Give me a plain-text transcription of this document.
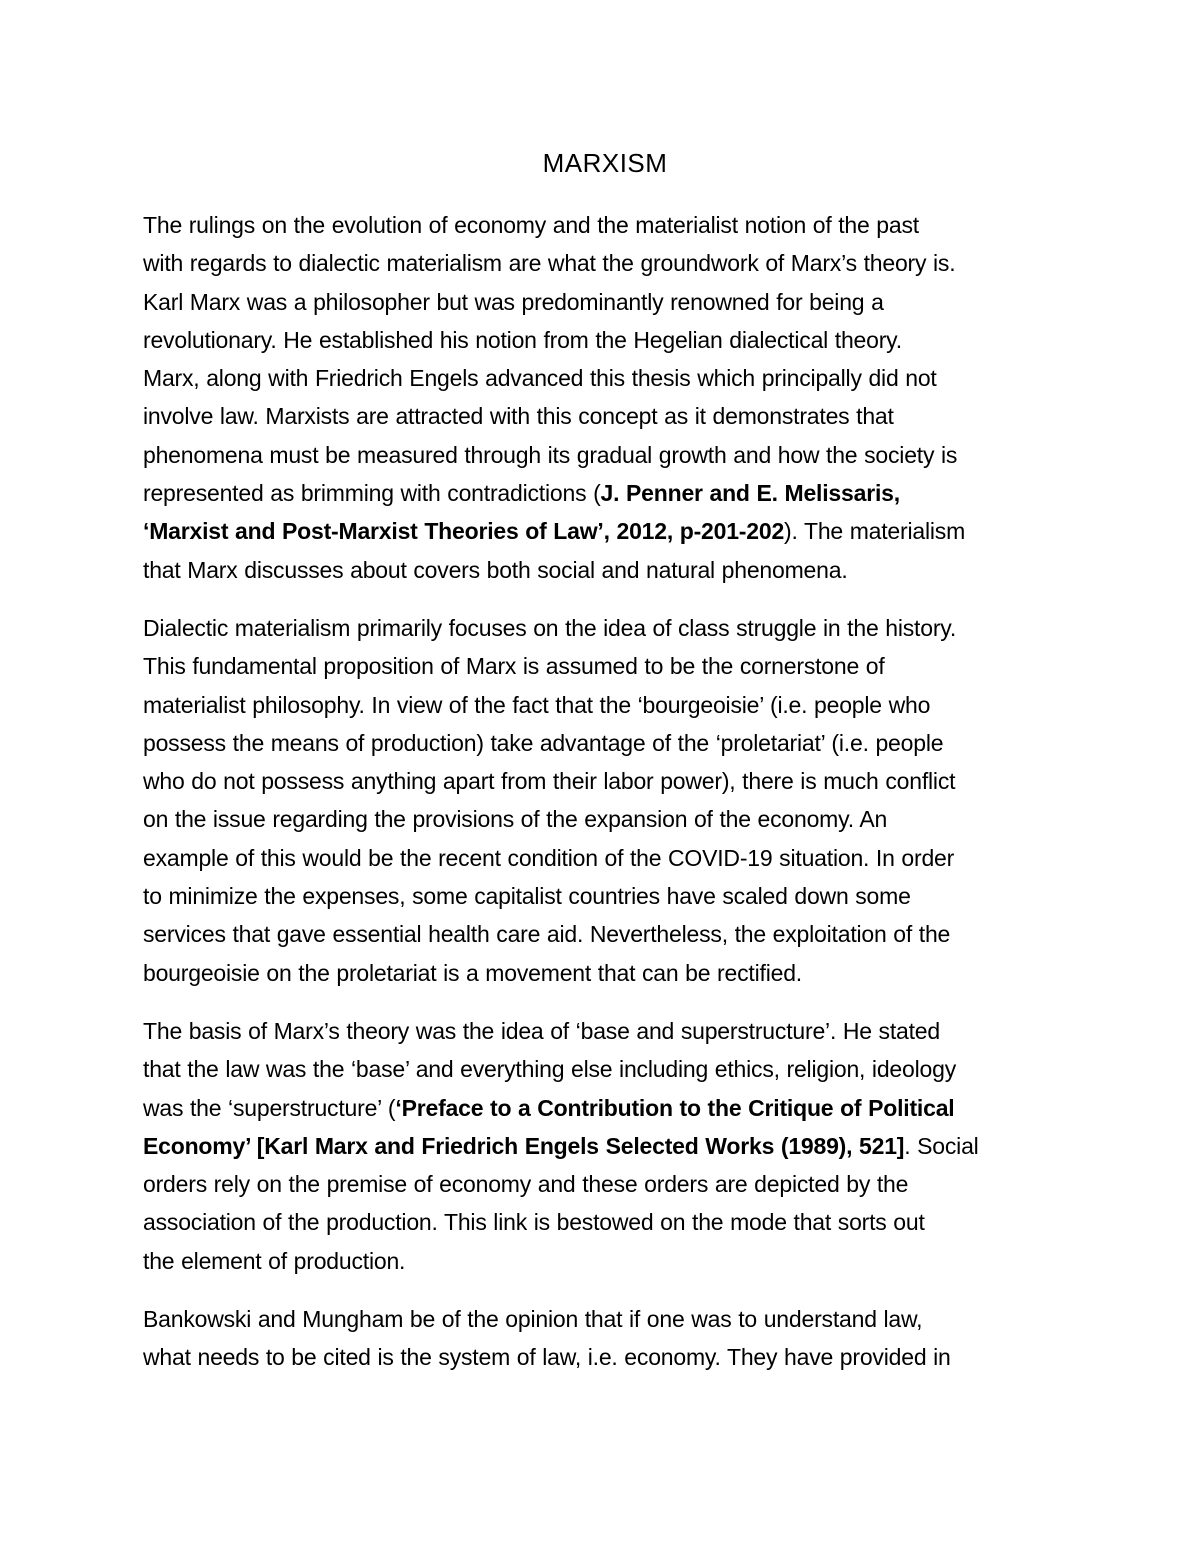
MARXISM

The rulings on the evolution of economy and the materialist notion of the past
with regards to dialectic materialism are what the groundwork of Marx’s theory is.
Karl Marx was a philosopher but was predominantly renowned for being a
revolutionary. He established his notion from the Hegelian dialectical theory.
Marx, along with Friedrich Engels advanced this thesis which principally did not
involve law. Marxists are attracted with this concept as it demonstrates that
phenomena must be measured through its gradual growth and how the society is
represented as brimming with contradictions (J. Penner and E. Melissaris,
‘Marxist and Post-Marxist Theories of Law’, 2012, p-201-202). The materialism
that Marx discusses about covers both social and natural phenomena.

Dialectic materialism primarily focuses on the idea of class struggle in the history.
This fundamental proposition of Marx is assumed to be the cornerstone of
materialist philosophy. In view of the fact that the ‘bourgeoisie’ (i.e. people who
possess the means of production) take advantage of the ‘proletariat’ (i.e. people
who do not possess anything apart from their labor power), there is much conflict
on the issue regarding the provisions of the expansion of the economy. An
example of this would be the recent condition of the COVID-19 situation. In order
to minimize the expenses, some capitalist countries have scaled down some
services that gave essential health care aid. Nevertheless, the exploitation of the
bourgeoisie on the proletariat is a movement that can be rectified.

The basis of Marx’s theory was the idea of ‘base and superstructure’. He stated
that the law was the ‘base’ and everything else including ethics, religion, ideology
was the ‘superstructure’ (‘Preface to a Contribution to the Critique of Political
Economy’ [Karl Marx and Friedrich Engels Selected Works (1989), 521]. Social
orders rely on the premise of economy and these orders are depicted by the
association of the production. This link is bestowed on the mode that sorts out
the element of production.

Bankowski and Mungham be of the opinion that if one was to understand law,
what needs to be cited is the system of law, i.e. economy. They have provided in
